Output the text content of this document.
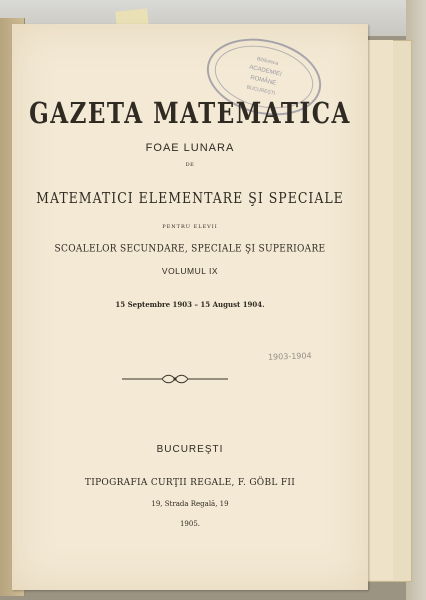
Biblioteca
ACADEMIEI
ROMÂNE
BUCUREŞTI
GAZETA MATEMATICA
FOAE LUNARA
DE
MATEMATICI ELEMENTARE ŞI SPECIALE
PENTRU ELEVII
SCOALELOR SECUNDARE, SPECIALE ŞI SUPERIOARE
VOLUMUL IX
15 Septembre 1903 – 15 August 1904.
1903-1904
BUCUREŞTI
TIPOGRAFIA CURŢII REGALE, F. GÖBL FII
19, Strada Regală, 19
1905.
